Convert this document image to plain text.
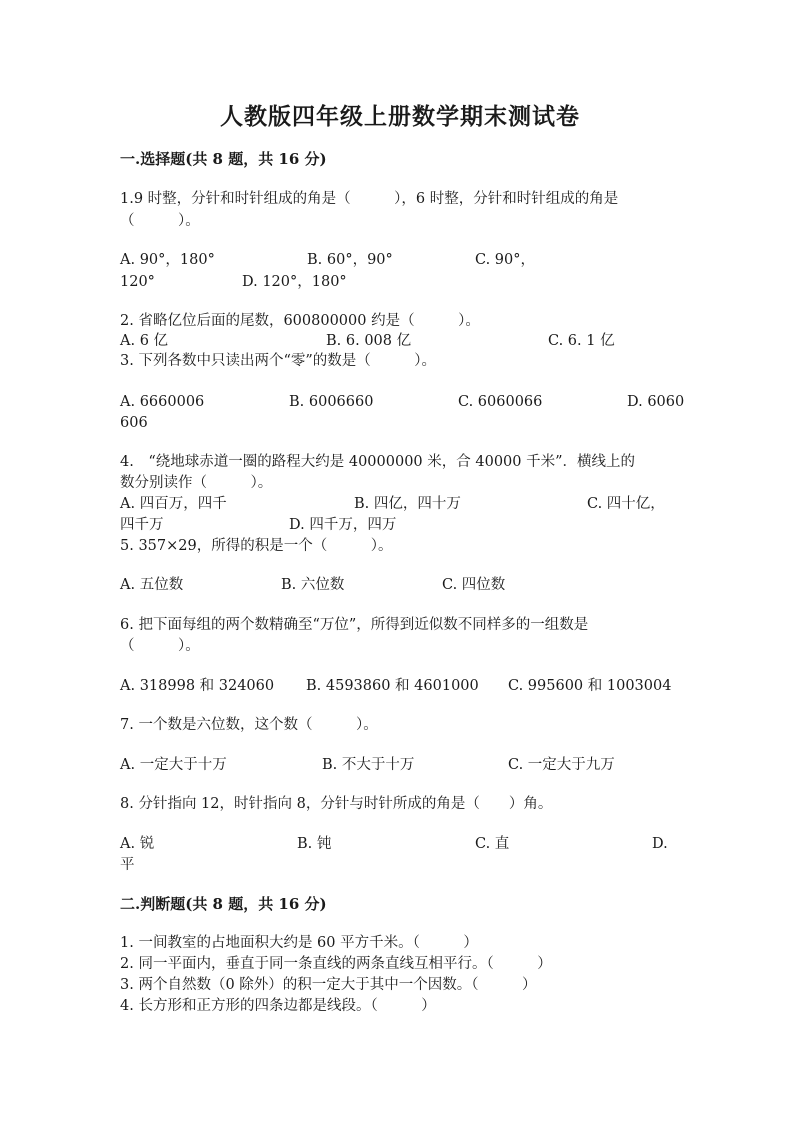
人教版四年级上册数学期末测试卷
一.选择题(共 8 题，共 16 分)
1.9 时整，分针和时针组成的角是（　　　），6 时整，分针和时针组成的角是
（　　　）。
A. 90°，180°	B. 60°，90°	C. 90°，
120°	D. 120°，180°
2. 省略亿位后面的尾数，600800000 约是（　　　）。
A. 6 亿	B. 6. 008 亿	C. 6. 1 亿
3. 下列各数中只读出两个“零”的数是（　　　）。
A. 6660006	B. 6006660	C. 6060066	D. 6060
606
4.　“绕地球赤道一圈的路程大约是 40000000 米，合 40000 千米”．横线上的
数分别读作（　　　）。
A. 四百万，四千	B. 四亿，四十万	C. 四十亿，
四千万	D. 四千万，四万
5. 357×29，所得的积是一个（　　　）。
A. 五位数	B. 六位数	C. 四位数
6. 把下面每组的两个数精确至“万位”，所得到近似数不同样多的一组数是
（　　　）。
A. 318998 和 324060 B. 4593860 和 4601000 C. 995600 和 1003004
7. 一个数是六位数，这个数（　　　）。
A. 一定大于十万	B. 不大于十万	C. 一定大于九万
8. 分针指向 12，时针指向 8，分针与时针所成的角是（　　）角。
A. 锐	B. 钝	C. 直	D.
平
二.判断题(共 8 题，共 16 分)
1. 一间教室的占地面积大约是 60 平方千米。（　　　）
2. 同一平面内，垂直于同一条直线的两条直线互相平行。（　　　）
3. 两个自然数（0 除外）的积一定大于其中一个因数。（　　　）
4. 长方形和正方形的四条边都是线段。（　　　）
